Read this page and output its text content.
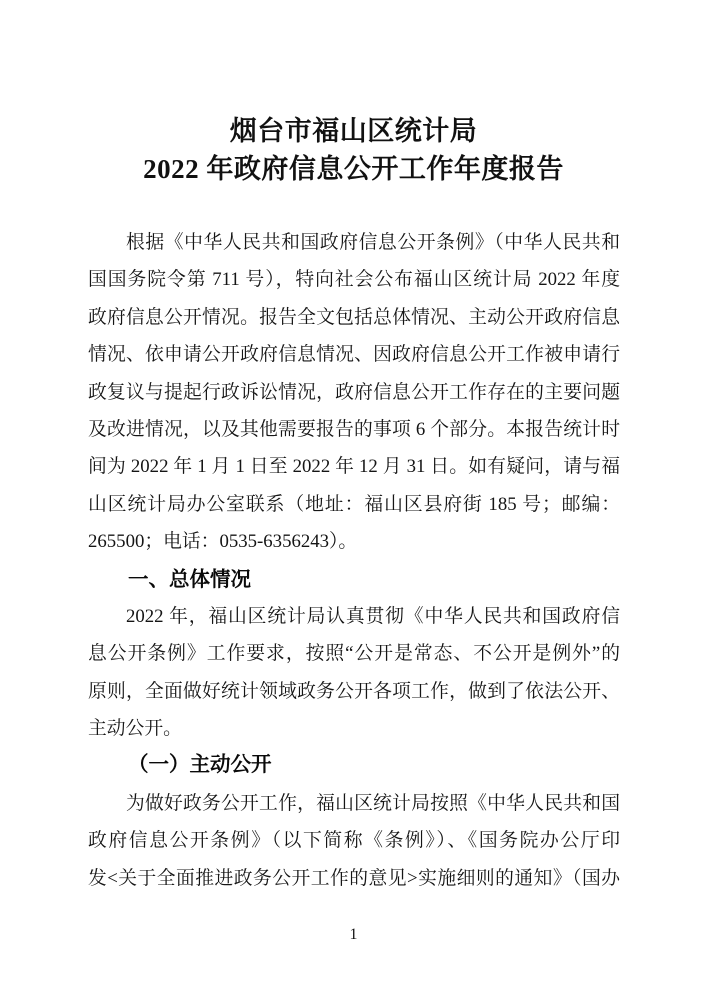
烟台市福山区统计局
2022 年政府信息公开工作年度报告
根据《中华人民共和国政府信息公开条例》（中华人民共和
国国务院令第 711 号），特向社会公布福山区统计局 2022 年度
政府信息公开情况。报告全文包括总体情况、主动公开政府信息
情况、依申请公开政府信息情况、因政府信息公开工作被申请行
政复议与提起行政诉讼情况，政府信息公开工作存在的主要问题
及改进情况，以及其他需要报告的事项 6 个部分。本报告统计时
间为 2022 年 1 月 1 日至 2022 年 12 月 31 日。如有疑问，请与福
山区统计局办公室联系（地址：福山区县府街 185 号；邮编：
265500；电话：0535-6356243）。
一、总体情况
2022 年，福山区统计局认真贯彻《中华人民共和国政府信
息公开条例》工作要求，按照“公开是常态、不公开是例外”的
原则，全面做好统计领域政务公开各项工作，做到了依法公开、
主动公开。
（一）主动公开
为做好政务公开工作，福山区统计局按照《中华人民共和国
政府信息公开条例》（以下简称《条例》）、《国务院办公厅印
发<关于全面推进政务公开工作的意见>实施细则的通知》（国办
1
